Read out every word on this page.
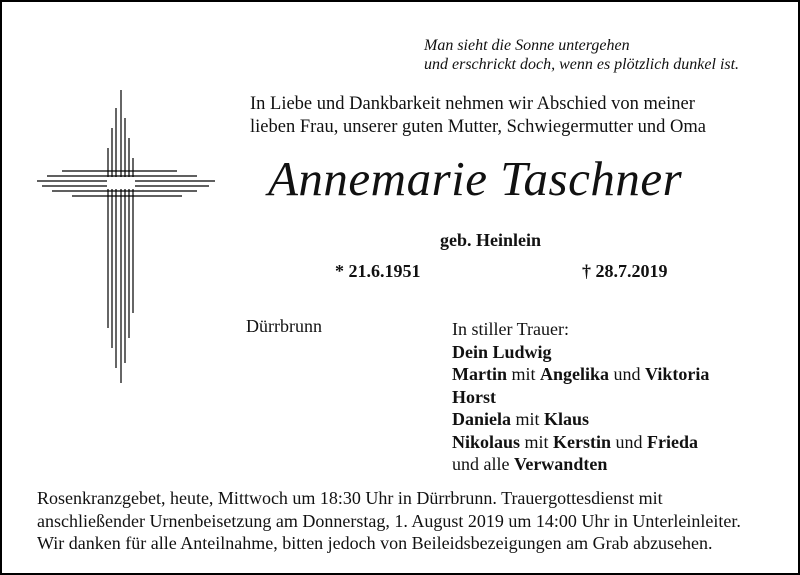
Man sieht die Sonne untergehen
und erschrickt doch, wenn es plötzlich dunkel ist.
In Liebe und Dankbarkeit nehmen wir Abschied von meiner
lieben Frau, unserer guten Mutter, Schwiegermutter und Oma
Annemarie Taschner
geb. Heinlein
* 21.6.1951	† 28.7.2019
Dürrbrunn	In stiller Trauer:
Dein Ludwig
Martin mit Angelika und Viktoria
Horst
Daniela mit Klaus
Nikolaus mit Kerstin und Frieda
und alle Verwandten
Rosenkranzgebet, heute, Mittwoch um 18:30 Uhr in Dürrbrunn. Trauergottesdienst mit
anschließender Urnenbeisetzung am Donnerstag, 1. August 2019 um 14:00 Uhr in Unterleinleiter.
Wir danken für alle Anteilnahme, bitten jedoch von Beileidsbezeigungen am Grab abzusehen.
